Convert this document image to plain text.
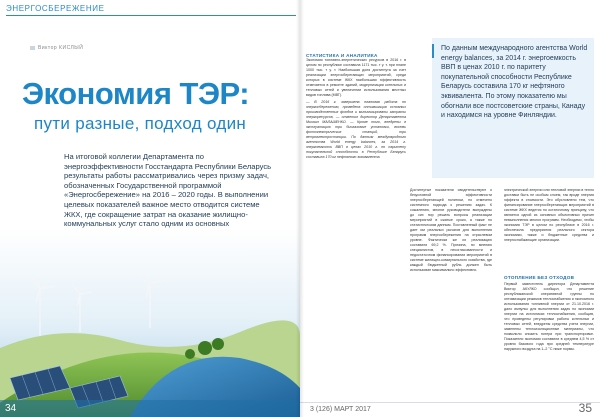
ЭНЕРГОСБЕРЕЖЕНИЕ
Виктор КИСЛЫЙ
Экономия ТЭР:
пути разные, подход один
На итоговой коллегии Департамента по энергоэффективности Госстандарта Республики Беларусь результаты работы рассматривались через призму задач, обозначенных Государственной программой «Энергосбережение» на 2016 – 2020 годы. В выполнении целевых показателей важное место отводится системе ЖКХ, где сокращение затрат на оказание жилищно-коммунальных услуг стало одним из основных
34
СТАТИСТИКА И АНАЛИТИКА

Экономия топливно-энергетических ресурсов в 2016 г. в целом по республике составила 1171 тыс. т у. т. при плане 1000 тыс. т у. т. Наибольшая доля достигнута за счет реализации энергосберегающих мероприятий, среди которых в системе ЖКХ наибольшая эффективность отмечается в ремонте зданий, модернизации котельных и тепловых сетей и увеличении использования местных видов топлива (МВТ).

— В 2016 г. завершена плановая работа по энергосбережению, проведена оптимизация основных производственных фондов и минимизированы затраты энергоресурсов, — отметил директор Департамента Михаил МАЛАШЕНКО. — Кроме того, внедрены в эксплуатацию три биогазовые установки, восемь фотоэлектрических станций, три ветроэлектростанции. По данным международного агентства World energy balances, за 2014 г. энергоемкость ВВП в ценах 2010 г. по паритету покупательной способности в Республике Беларусь составила 170 кг нефтяного эквивалента.

По данным международного агентства World energy balances, за 2014 г. энергоемкость ВВП в ценах 2010 г. по паритету покупательной способности Республике Беларусь составила 170 кг нефтяного эквивалента. По этому показателю мы обогнали все постсоветские страны, Канаду и находимся на уровне Финляндии.

Достигнутые показатели свидетельствуют о безусловной эффективности энергосберегающей политики, но отмечено системного подхода к решению задач. К сожалению, многие руководители вынуждены до сих пор решать вопросы реализации мероприятий в сжатые сроки, а также по статистическим данным. Поставленный факт не дает им реальных рычагов для выполнения программ энергосбережения на отраслевом уровне. Фактически же их реализацию составили 69,2 %. Причина, по мнению специалистов, в несогласованности и недостаточном финансировании мероприятий в системе жилищно-коммунального хозяйства, где каждый бюджетный рубль должен быть использован максимально эффективно.

электрической энергии или тепловой энергии в тепло доставки быть не особым слоем, так вроде энергия эффекта в стоимости. Это обусловлено тем, что финансирование энергосберегающих мероприятий в системе ЖКХ ведется по остаточному принципу, что является одной из основных объективных причин невыполнения многих программ. Необходимо, чтобы экономия ТЭР в целом по республике в 2016 г. обеспечила предприятия реального сектора экономики, также и бюджетные средства и энергоснабжающие организации.

ОТОПЛЕНИЕ БЕЗ ОТХОДОВ

Первый заместитель директора Департамента Виктор АКУЛКО сообщил, что решение республиканской оперативной группы по оптимизации режимов теплоснабжения и экономного использования топливной энергии от 21.10.2016 г. дало импульс для выполнения задач по экономии энергии на источниках теплоснабжения, сообщив, что проведены регулировки работы котельных и тепловых сетей, внедрены средства учета энергии, заменены теплоизоляционные материалы, что позволило снизить потери при транспортировке. Показатели экономии составили в среднем 4,5 % от уровня базового года при средней температуре наружного воздуха на 1–2 °С ниже нормы.

3 (126) МАРТ 2017	35
